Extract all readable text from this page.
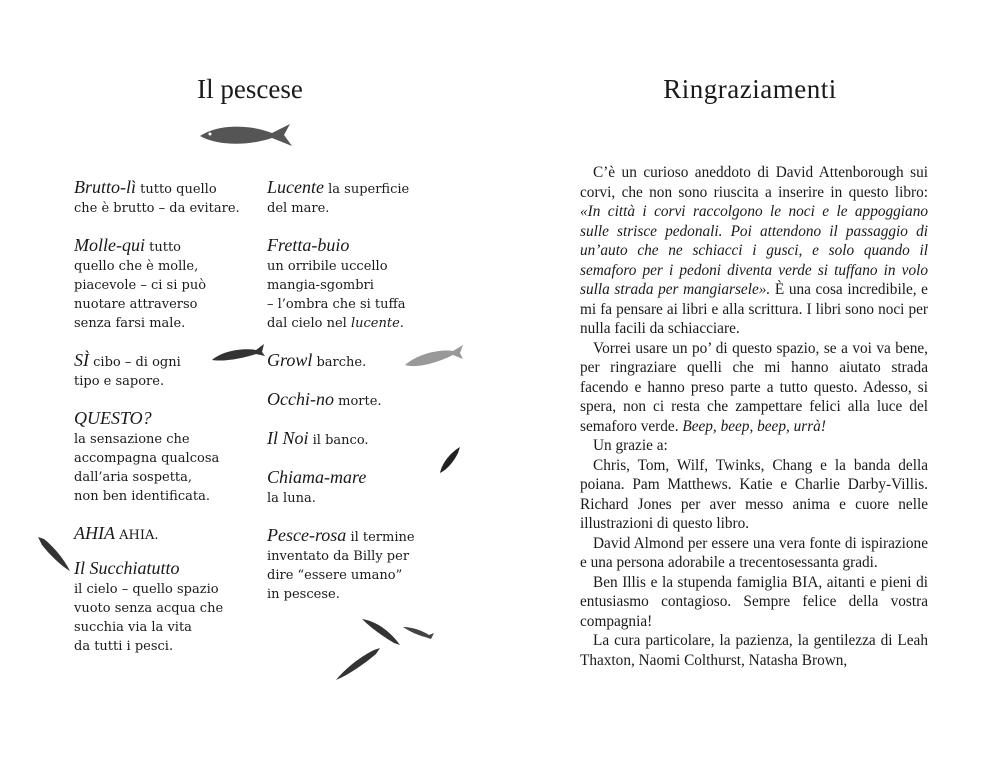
Il pescese
Brutto-lì tutto quello
che è brutto – da evitare.
Molle-qui tutto
quello che è molle,
piacevole – ci si può
nuotare attraverso
senza farsi male.
SÌ cibo – di ogni
tipo e sapore.
QUESTO?
la sensazione che
accompagna qualcosa
dall’aria sospetta,
non ben identificata.
AHIA AHIA.
Il Succhiatutto
il cielo – quello spazio
vuoto senza acqua che
succhia via la vita
da tutti i pesci.
Lucente la superficie
del mare.
Fretta-buio
un orribile uccello
mangia-sgombri
– l’ombra che si tuffa
dal cielo nel lucente.
Growl barche.
Occhi-no morte.
Il Noi il banco.
Chiama-mare
la luna.
Pesce-rosa il termine
inventato da Billy per
dire “essere umano”
in pescese.
Ringraziamenti

C’è un curioso aneddoto di David Attenborough sui corvi, che non sono riuscita a inserire in questo libro: «In città i corvi raccolgono le noci e le appoggiano sulle strisce pedonali. Poi attendono il passaggio di un’auto che ne schiacci i gusci, e solo quando il semaforo per i pedoni diventa verde si tuffano in volo sulla strada per mangiarsele». È una cosa incredibile, e mi fa pensare ai libri e alla scrittura. I libri sono noci per nulla facili da schiacciare.

Vorrei usare un po’ di questo spazio, se a voi va bene, per ringraziare quelli che mi hanno aiutato strada facendo e hanno preso parte a tutto questo. Adesso, si spera, non ci resta che zampettare felici alla luce del semaforo verde. Beep, beep, beep, urrà!

Un grazie a:

Chris, Tom, Wilf, Twinks, Chang e la banda della poiana. Pam Matthews. Katie e Charlie Darby-Villis. Richard Jones per aver messo anima e cuore nelle illustrazioni di questo libro.

David Almond per essere una vera fonte di ispirazione e una persona adorabile a trecentosessanta gradi.

Ben Illis e la stupenda famiglia BIA, aitanti e pieni di entusiasmo contagioso. Sempre felice della vostra compagnia!

La cura particolare, la pazienza, la gentilezza di Leah Thaxton, Naomi Colthurst, Natasha Brown,
